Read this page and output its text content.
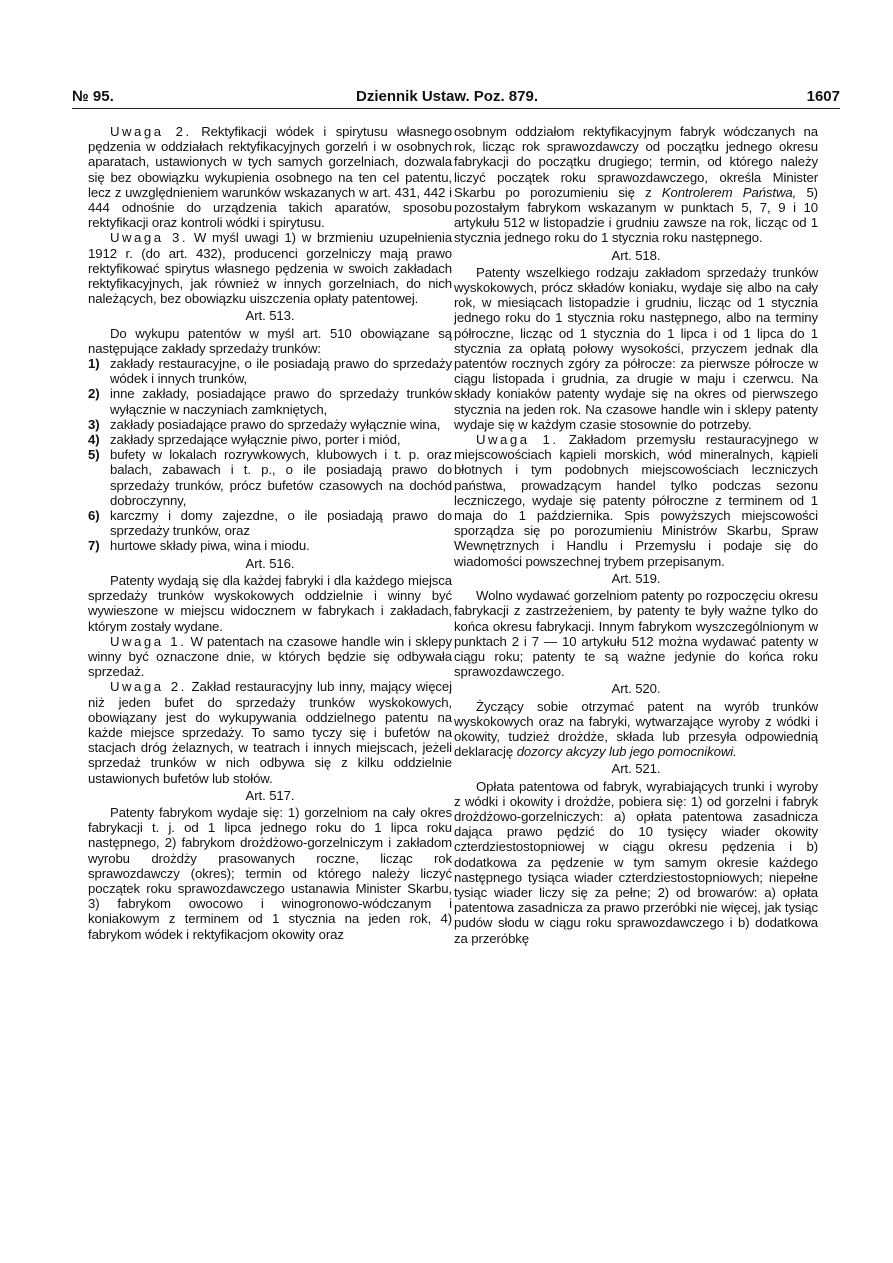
№ 95.	Dziennik Ustaw. Poz. 879.	1607

Uwaga 2. Rektyfikacji wódek i spirytusu własnego pędzenia w oddziałach rektyfikacyjnych gorzelń i w osobnych aparatach, ustawionych w tych samych gorzelniach, dozwala się bez obowiązku wykupienia osobnego na ten cel patentu, lecz z uwzględnieniem warunków wskazanych w art. 431, 442 i 444 odnośnie do urządzenia takich aparatów, sposobu rektyfikacji oraz kontroli wódki i spirytusu.

Uwaga 3. W myśl uwagi 1) w brzmieniu uzupełnienia 1912 r. (do art. 432), producenci gorzelniczy mają prawo rektyfikować spirytus własnego pędzenia w swoich zakładach rektyfikacyjnych, jak również w innych gorzelniach, do nich należących, bez obowiązku uiszczenia opłaty patentowej.

Art. 513.

Do wykupu patentów w myśl art. 510 obowiązane są następujące zakłady sprzedaży trunków:

1) zakłady restauracyjne, o ile posiadają prawo do sprzedaży wódek i innych trunków,
2) inne zakłady, posiadające prawo do sprzedaży trunków wyłącznie w naczyniach zamkniętych,
3) zakłady posiadające prawo do sprzedaży wyłącznie wina,
4) zakłady sprzedające wyłącznie piwo, porter i miód,
5) bufety w lokalach rozrywkowych, klubowych i t. p. oraz balach, zabawach i t. p., o ile posiadają prawo do sprzedaży trunków, prócz bufetów czasowych na dochód dobroczynny,
6) karczmy i domy zajezdne, o ile posiadają prawo do sprzedaży trunków, oraz
7) hurtowe składy piwa, wina i miodu.

Art. 516.

Patenty wydają się dla każdej fabryki i dla każdego miejsca sprzedaży trunków wyskokowych oddzielnie i winny być wywieszone w miejscu widocznem w fabrykach i zakładach, którym zostały wydane.

Uwaga 1. W patentach na czasowe handle win i sklepy winny być oznaczone dnie, w których będzie się odbywała sprzedaż.

Uwaga 2. Zakład restauracyjny lub inny, mający więcej niż jeden bufet do sprzedaży trunków wyskokowych, obowiązany jest do wykupywania oddzielnego patentu na każde miejsce sprzedaży. To samo tyczy się i bufetów na stacjach dróg żelaznych, w teatrach i innych miejscach, jeżeli sprzedaż trunków w nich odbywa się z kilku oddzielnie ustawionych bufetów lub stołów.

Art. 517.

Patenty fabrykom wydaje się: 1) gorzelniom na cały okres fabrykacji t. j. od 1 lipca jednego roku do 1 lipca roku następnego, 2) fabrykom drożdżowo-gorzelniczym i zakładom wyrobu drożdży prasowanych roczne, licząc rok sprawozdawczy (okres); termin od którego należy liczyć początek roku sprawozdawczego ustanawia Minister Skarbu, 3) fabrykom owocowo i winogronowo-wódczanym i koniakowym z terminem od 1 stycznia na jeden rok, 4) fabrykom wódek i rektyfikacjom okowity oraz

osobnym oddziałom rektyfikacyjnym fabryk wódczanych na rok, licząc rok sprawozdawczy od początku jednego okresu fabrykacji do początku drugiego; termin, od którego należy liczyć początek roku sprawozdawczego, określa Minister Skarbu po porozumieniu się z Kontrolerem Państwa, 5) pozostałym fabrykom wskazanym w punktach 5, 7, 9 i 10 artykułu 512 w listopadzie i grudniu zawsze na rok, licząc od 1 stycznia jednego roku do 1 stycznia roku następnego.

Art. 518.

Patenty wszelkiego rodzaju zakładom sprzedaży trunków wyskokowych, prócz składów koniaku, wydaje się albo na cały rok, w miesiącach listopadzie i grudniu, licząc od 1 stycznia jednego roku do 1 stycznia roku następnego, albo na terminy półroczne, licząc od 1 stycznia do 1 lipca i od 1 lipca do 1 stycznia za opłatą połowy wysokości, przyczem jednak dla patentów rocznych zgóry za półrocze: za pierwsze półrocze w ciągu listopada i grudnia, za drugie w maju i czerwcu. Na składy koniaków patenty wydaje się na okres od pierwszego stycznia na jeden rok. Na czasowe handle win i sklepy patenty wydaje się w każdym czasie stosownie do potrzeby.

Uwaga 1. Zakładom przemysłu restauracyjnego w miejscowościach kąpieli morskich, wód mineralnych, kąpieli błotnych i tym podobnych miejscowościach leczniczych państwa, prowadzącym handel tylko podczas sezonu leczniczego, wydaje się patenty półroczne z terminem od 1 maja do 1 października. Spis powyższych miejscowości sporządza się po porozumieniu Ministrów Skarbu, Spraw Wewnętrznych i Handlu i Przemysłu i podaje się do wiadomości powszechnej trybem przepisanym.

Art. 519.

Wolno wydawać gorzelniom patenty po rozpoczęciu okresu fabrykacji z zastrzeżeniem, by patenty te były ważne tylko do końca okresu fabrykacji. Innym fabrykom wyszczególnionym w punktach 2 i 7 — 10 artykułu 512 można wydawać patenty w ciągu roku; patenty te są ważne jedynie do końca roku sprawozdawczego.

Art. 520.

Życzący sobie otrzymać patent na wyrób trunków wyskokowych oraz na fabryki, wytwarzające wyroby z wódki i okowity, tudzież drożdże, składa lub przesyła odpowiednią deklarację dozorcy akcyzy lub jego pomocnikowi.

Art. 521.

Opłata patentowa od fabryk, wyrabiających trunki i wyroby z wódki i okowity i drożdże, pobiera się: 1) od gorzelni i fabryk drożdżowo-gorzelniczych: a) opłata patentowa zasadnicza dająca prawo pędzić do 10 tysięcy wiader okowity czterdziestostopniowej w ciągu okresu pędzenia i b) dodatkowa za pędzenie w tym samym okresie każdego następnego tysiąca wiader czterdziestostopniowych; niepełne tysiąc wiader liczy się za pełne; 2) od browarów: a) opłata patentowa zasadnicza za prawo przeróbki nie więcej, jak tysiąc pudów słodu w ciągu roku sprawozdawczego i b) dodatkowa za przeróbkę
